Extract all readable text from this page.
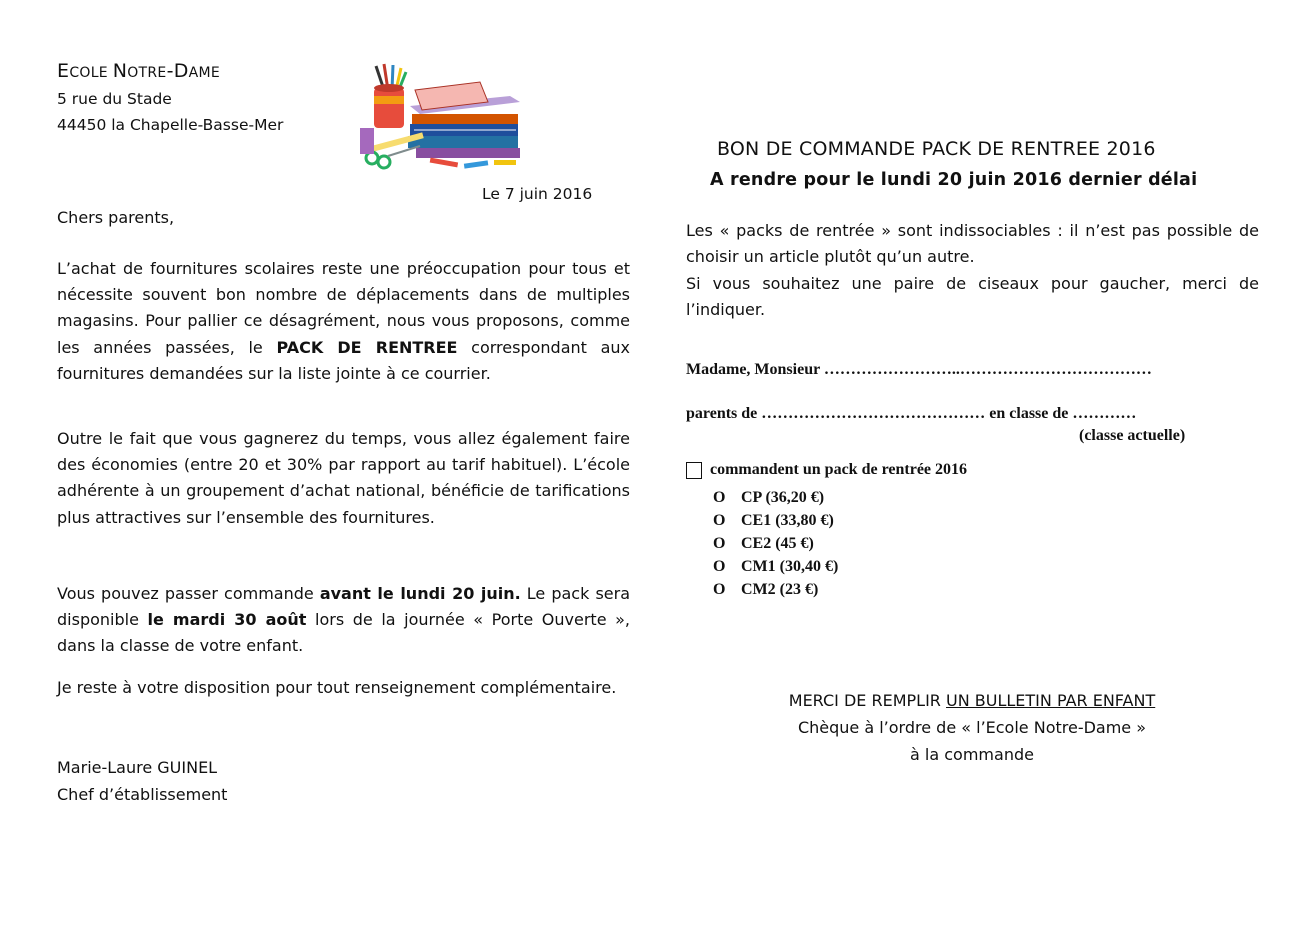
ECOLE NOTRE-DAME
5 rue du Stade
44450 la Chapelle-Basse-Mer
Le 7 juin 2016
Chers parents,
L’achat de fournitures scolaires reste une préoccupation pour tous et nécessite souvent bon nombre de déplacements dans de multiples magasins. Pour pallier ce désagrément, nous vous proposons, comme les années passées, le PACK DE RENTREE correspondant aux fournitures demandées sur la liste jointe à ce courrier.
Outre le fait que vous gagnerez du temps, vous allez également faire des économies (entre 20 et 30% par rapport au tarif habituel). L’école adhérente à un groupement d’achat national, bénéficie de tarifications plus attractives sur l’ensemble des fournitures.
Vous pouvez passer commande avant le lundi 20 juin. Le pack sera disponible le mardi 30 août lors de la journée « Porte Ouverte », dans la classe de votre enfant.
Je reste à votre disposition pour tout renseignement complémentaire.
Marie-Laure GUINEL
Chef d’établissement
BON DE COMMANDE PACK DE RENTREE 2016
A rendre pour le lundi 20 juin 2016 dernier délai
Les « packs de rentrée » sont indissociables : il n’est pas possible de choisir un article plutôt qu’un autre.
Si vous souhaitez une paire de ciseaux pour gaucher, merci de l’indiquer.
Madame, Monsieur ……………………..………………………………
parents de …………………………………… en classe de …………
(classe actuelle)
commandent un pack de rentrée 2016
O CP (36,20 €)
O CE1 (33,80 €)
O CE2 (45 €)
O CM1 (30,40 €)
O CM2 (23 €)
MERCI DE REMPLIR UN BULLETIN PAR ENFANT
Chèque à l’ordre de « l’Ecole Notre-Dame »
à la commande
